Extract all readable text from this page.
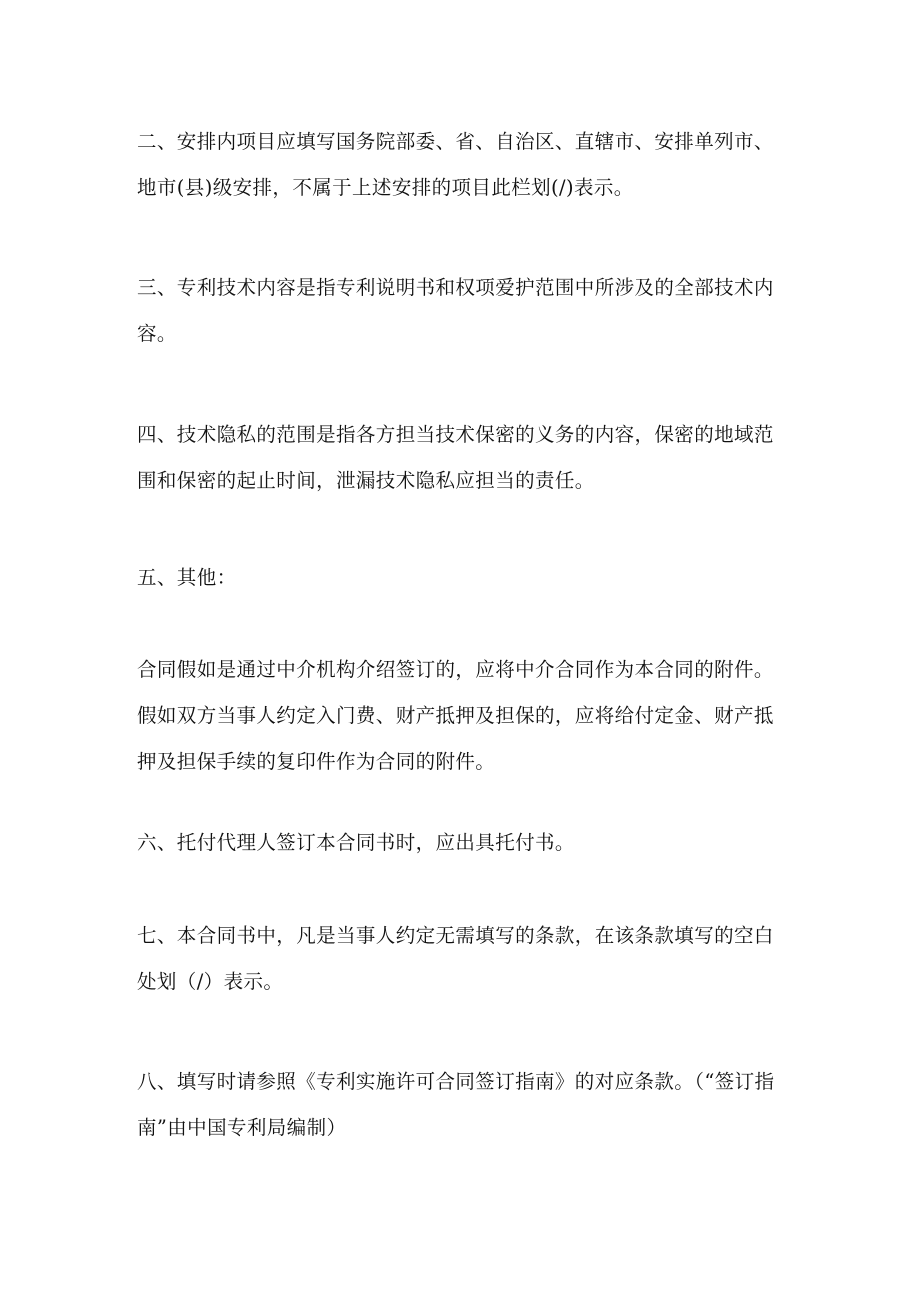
二、安排内项目应填写国务院部委、省、自治区、直辖市、安排单列市、地市(县)级安排，不属于上述安排的项目此栏划(/)表示。

三、专利技术内容是指专利说明书和权项爱护范围中所涉及的全部技术内容。

四、技术隐私的范围是指各方担当技术保密的义务的内容，保密的地域范围和保密的起止时间，泄漏技术隐私应担当的责任。

五、其他：

合同假如是通过中介机构介绍签订的，应将中介合同作为本合同的附件。假如双方当事人约定入门费、财产抵押及担保的，应将给付定金、财产抵押及担保手续的复印件作为合同的附件。

六、托付代理人签订本合同书时，应出具托付书。

七、本合同书中，凡是当事人约定无需填写的条款，在该条款填写的空白处划（/）表示。

八、填写时请参照《专利实施许可合同签订指南》的对应条款。（“签订指南”由中国专利局编制）
